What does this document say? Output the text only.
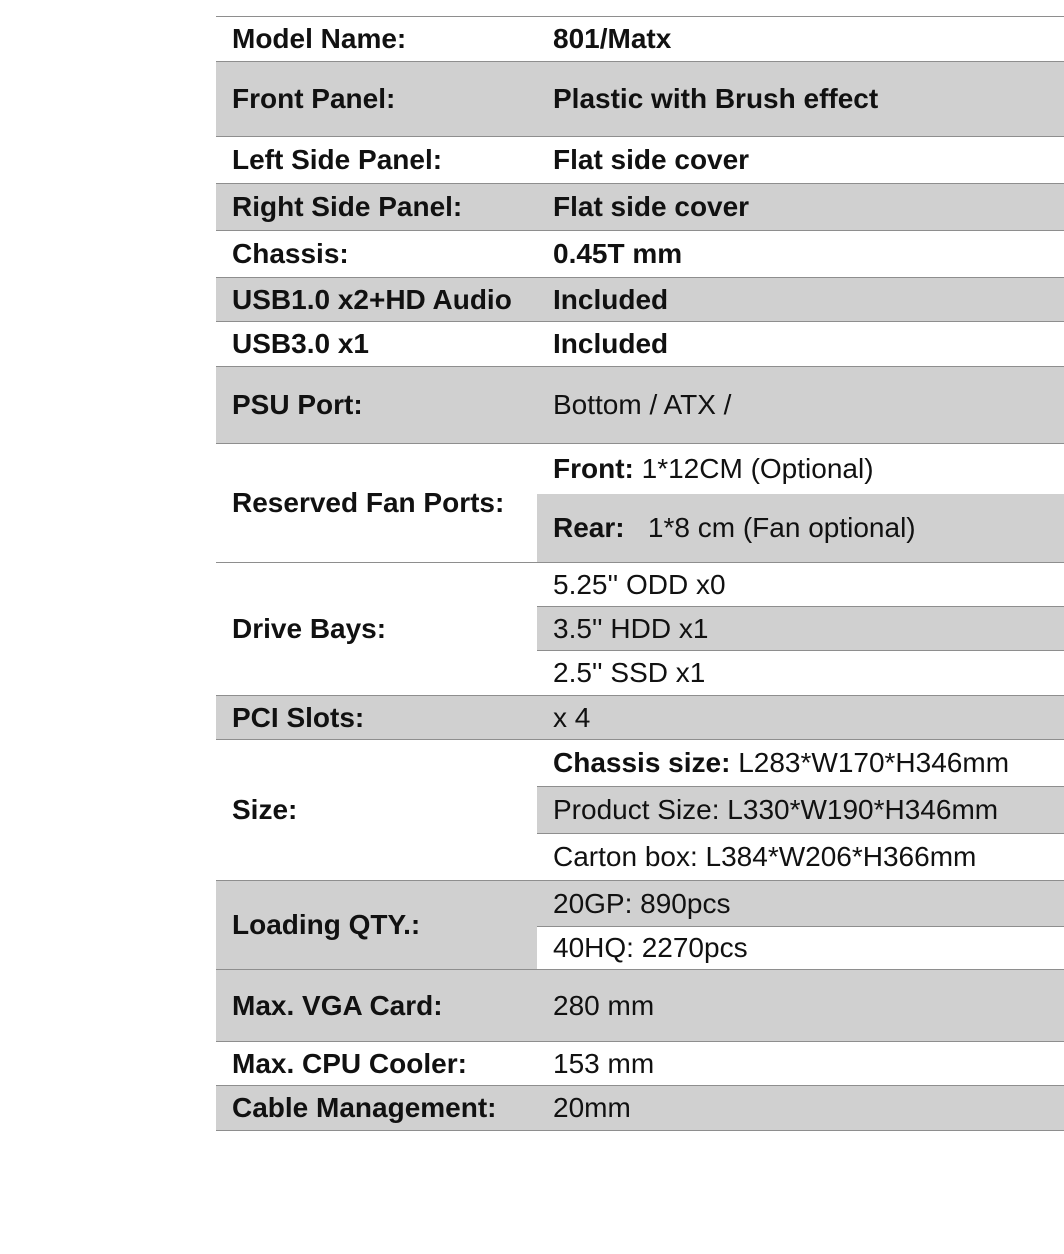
Model Name:	801/Matx
Front Panel:	Plastic with Brush effect
Left Side Panel:	Flat side cover
Right Side Panel:	Flat side cover
Chassis:	0.45T mm
USB1.0 x2+HD Audio	Included
USB3.0 x1	Included
PSU Port:	Bottom / ATX /
Reserved Fan Ports:	Front: 1*12CM (Optional)
	Rear:   1*8 cm (Fan optional)
Drive Bays:	5.25'' ODD x0
	3.5'' HDD x1
	2.5'' SSD x1
PCI Slots:	x 4
Size:	Chassis size: L283*W170*H346mm
	Product Size: L330*W190*H346mm
	Carton box: L384*W206*H366mm
Loading QTY.:	20GP: 890pcs
	40HQ: 2270pcs
Max. VGA Card:	280 mm
Max. CPU Cooler:	153 mm
Cable Management:	20mm
